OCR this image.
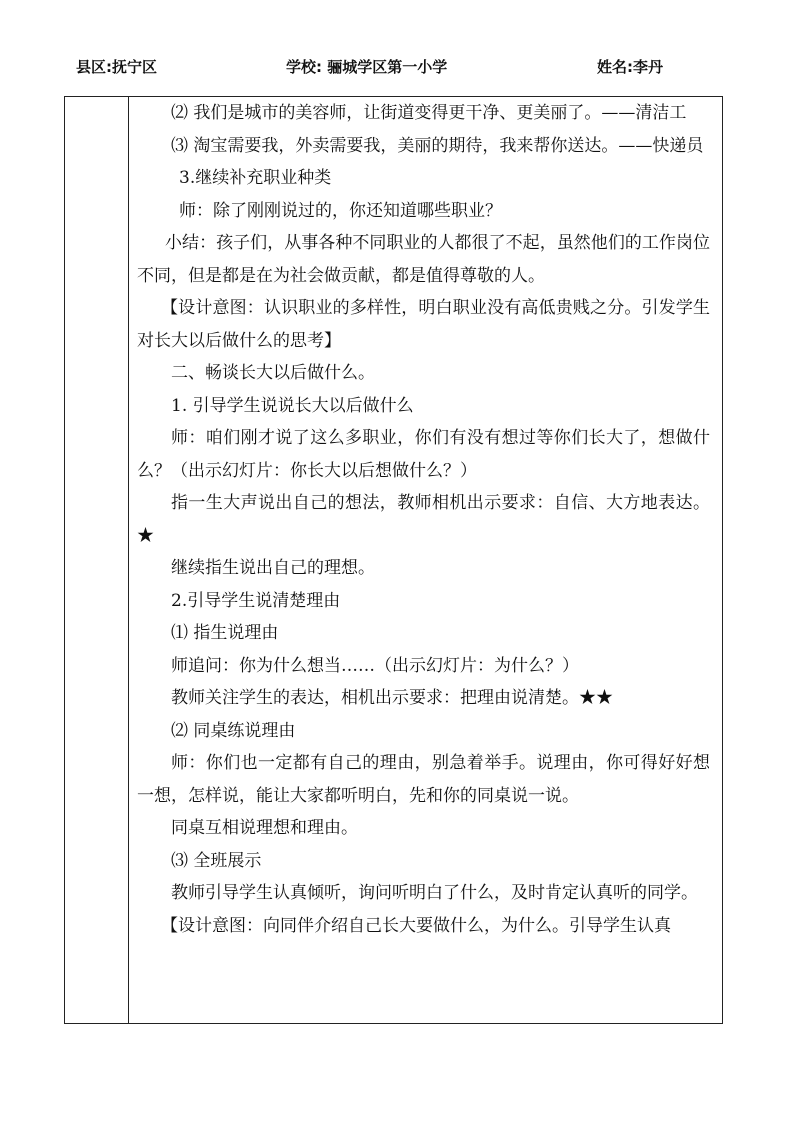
县区:抚宁区	学校: 骊城学区第一小学	姓名:李丹

⑵ 我们是城市的美容师，让街道变得更干净、更美丽了。——清洁工

⑶ 淘宝需要我，外卖需要我，美丽的期待，我来帮你送达。——快递员

3.继续补充职业种类

师：除了刚刚说过的，你还知道哪些职业？

小结：孩子们，从事各种不同职业的人都很了不起，虽然他们的工作岗位不同，但是都是在为社会做贡献，都是值得尊敬的人。

【设计意图：认识职业的多样性，明白职业没有高低贵贱之分。引发学生对长大以后做什么的思考】

二、畅谈长大以后做什么。

1. 引导学生说说长大以后做什么

师：咱们刚才说了这么多职业，你们有没有想过等你们长大了，想做什么？（出示幻灯片：你长大以后想做什么？）

指一生大声说出自己的想法，教师相机出示要求：自信、大方地表达。★

继续指生说出自己的理想。

2.引导学生说清楚理由

⑴ 指生说理由

师追问：你为什么想当……（出示幻灯片：为什么？）

教师关注学生的表达，相机出示要求：把理由说清楚。★★

⑵ 同桌练说理由

师：你们也一定都有自己的理由，别急着举手。说理由，你可得好好想一想，怎样说，能让大家都听明白，先和你的同桌说一说。

同桌互相说理想和理由。

⑶ 全班展示

教师引导学生认真倾听，询问听明白了什么，及时肯定认真听的同学。

【设计意图：向同伴介绍自己长大要做什么，为什么。引导学生认真
